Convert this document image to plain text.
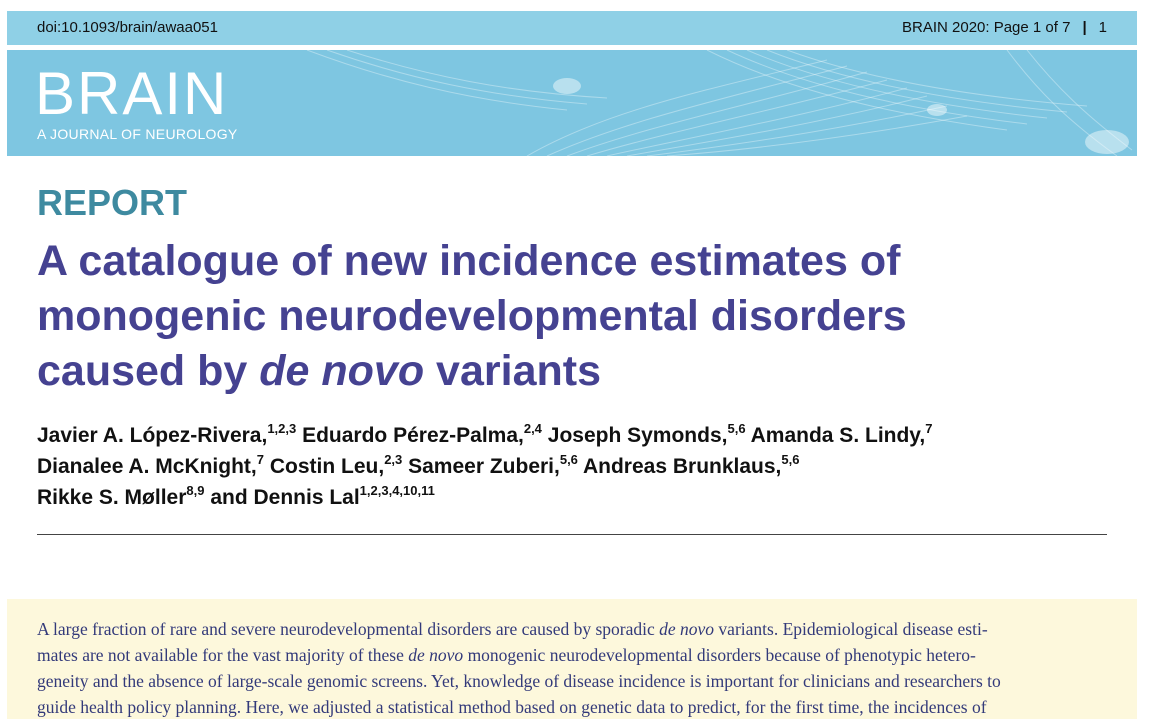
doi:10.1093/brain/awaa051	BRAIN 2020: Page 1 of 7 | 1
BRAIN
A JOURNAL OF NEUROLOGY
REPORT
A catalogue of new incidence estimates of
monogenic neurodevelopmental disorders
caused by de novo variants
Javier A. López-Rivera,$^{1,2,3}$ Eduardo Pérez-Palma,$^{2,4}$ Joseph Symonds,$^{5,6}$ Amanda S. Lindy,$^7$
Dianalee A. McKnight,$^7$ Costin Leu,$^{2,3}$ Sameer Zuberi,$^{5,6}$ Andreas Brunklaus,$^{5,6}$
Rikke S. Møller$^{8,9}$ and Dennis Lal$^{1,2,3,4,10,11}$
A large fraction of rare and severe neurodevelopmental disorders are caused by sporadic de novo variants. Epidemiological disease esti-
mates are not available for the vast majority of these de novo monogenic neurodevelopmental disorders because of phenotypic hetero-
geneity and the absence of large-scale genomic screens. Yet, knowledge of disease incidence is important for clinicians and researchers to
guide health policy planning. Here, we adjusted a statistical method based on genetic data to predict, for the first time, the incidences of
